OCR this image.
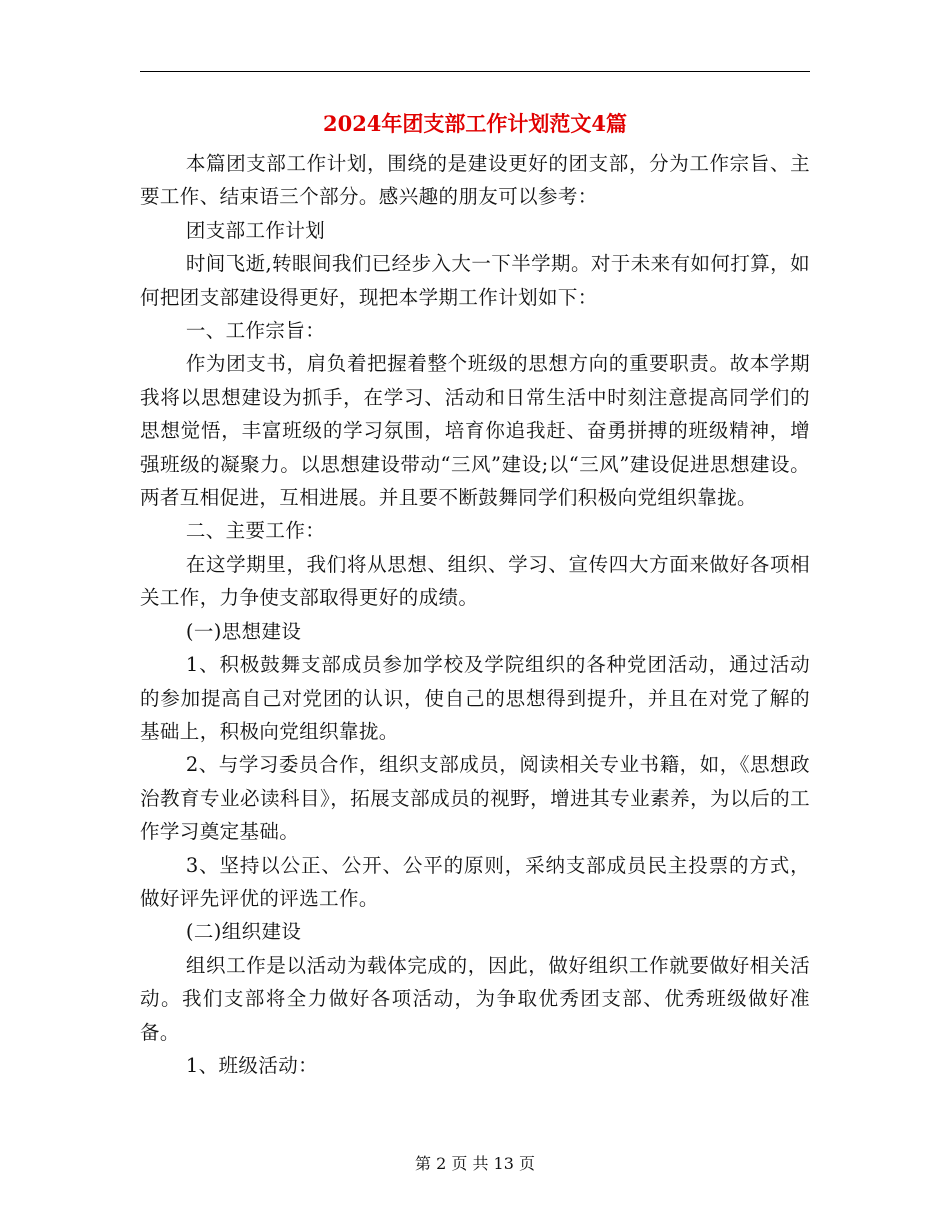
2024年团支部工作计划范文4篇

本篇团支部工作计划，围绕的是建设更好的团支部，分为工作宗旨、主要工作、结束语三个部分。感兴趣的朋友可以参考：

团支部工作计划

时间飞逝,转眼间我们已经步入大一下半学期。对于未来有如何打算，如何把团支部建设得更好，现把本学期工作计划如下：

一、工作宗旨：

作为团支书，肩负着把握着整个班级的思想方向的重要职责。故本学期我将以思想建设为抓手，在学习、活动和日常生活中时刻注意提高同学们的思想觉悟，丰富班级的学习氛围，培育你追我赶、奋勇拼搏的班级精神，增强班级的凝聚力。以思想建设带动“三风”建设;以“三风”建设促进思想建设。两者互相促进，互相进展。并且要不断鼓舞同学们积极向党组织靠拢。

二、主要工作：

在这学期里，我们将从思想、组织、学习、宣传四大方面来做好各项相关工作，力争使支部取得更好的成绩。

(一)思想建设

1、积极鼓舞支部成员参加学校及学院组织的各种党团活动，通过活动的参加提高自己对党团的认识，使自己的思想得到提升，并且在对党了解的基础上，积极向党组织靠拢。

2、与学习委员合作，组织支部成员，阅读相关专业书籍，如，《思想政治教育专业必读科目》，拓展支部成员的视野，增进其专业素养，为以后的工作学习奠定基础。

3、坚持以公正、公开、公平的原则，采纳支部成员民主投票的方式，做好评先评优的评选工作。

(二)组织建设

组织工作是以活动为载体完成的，因此，做好组织工作就要做好相关活动。我们支部将全力做好各项活动，为争取优秀团支部、优秀班级做好准备。

1、班级活动：

第 2 页 共 13 页
